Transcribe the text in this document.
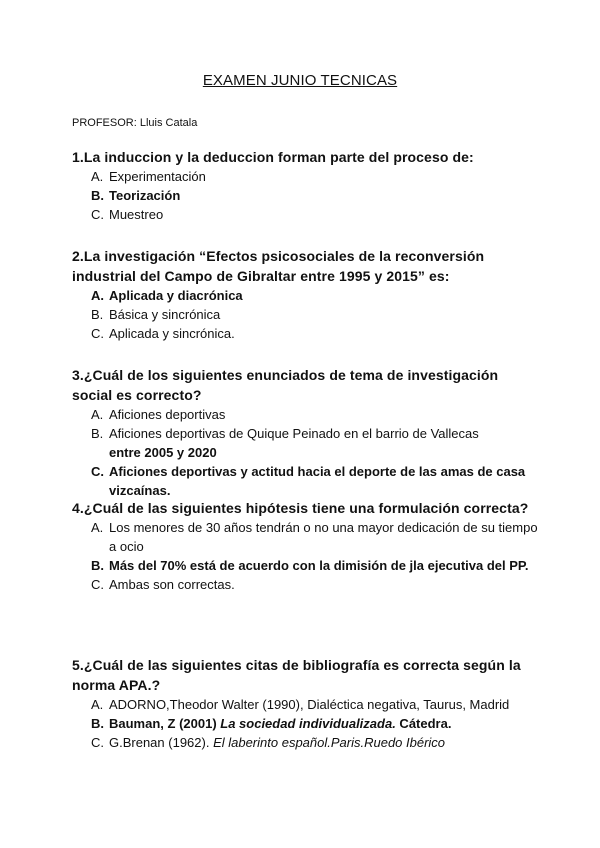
EXAMEN JUNIO TECNICAS
PROFESOR: Lluis Catala
1.La induccion y la deduccion forman parte del proceso de:
A. Experimentación
B. Teorización
C. Muestreo
2.La investigación “Efectos psicosociales de la reconversión industrial del Campo de Gibraltar entre 1995 y 2015” es:
A. Aplicada y diacrónica
B. Básica y sincrónica
C. Aplicada y sincrónica.
3.¿Cuál de los siguientes enunciados de tema de investigación social es correcto?
A. Aficiones deportivas
B. Aficiones deportivas de Quique Peinado en el barrio de Vallecas
entre 2005 y 2020
C. Aficiones deportivas y actitud hacia el deporte de las amas de casa vizcaínas.
4.¿Cuál de las siguientes hipótesis tiene una formulación correcta?
A. Los menores de 30 años tendrán o no una mayor dedicación de su tiempo a ocio
B. Más del 70% está de acuerdo con la dimisión de jla ejecutiva del PP.
C. Ambas son correctas.
5.¿Cuál de las siguientes citas de bibliografía es correcta según la norma APA.?
A. ADORNO,Theodor Walter (1990), Dialéctica negativa, Taurus, Madrid
B. Bauman, Z (2001) La sociedad individualizada. Cátedra.
C. G.Brenan (1962). El laberinto español.Paris.Ruedo Ibérico
